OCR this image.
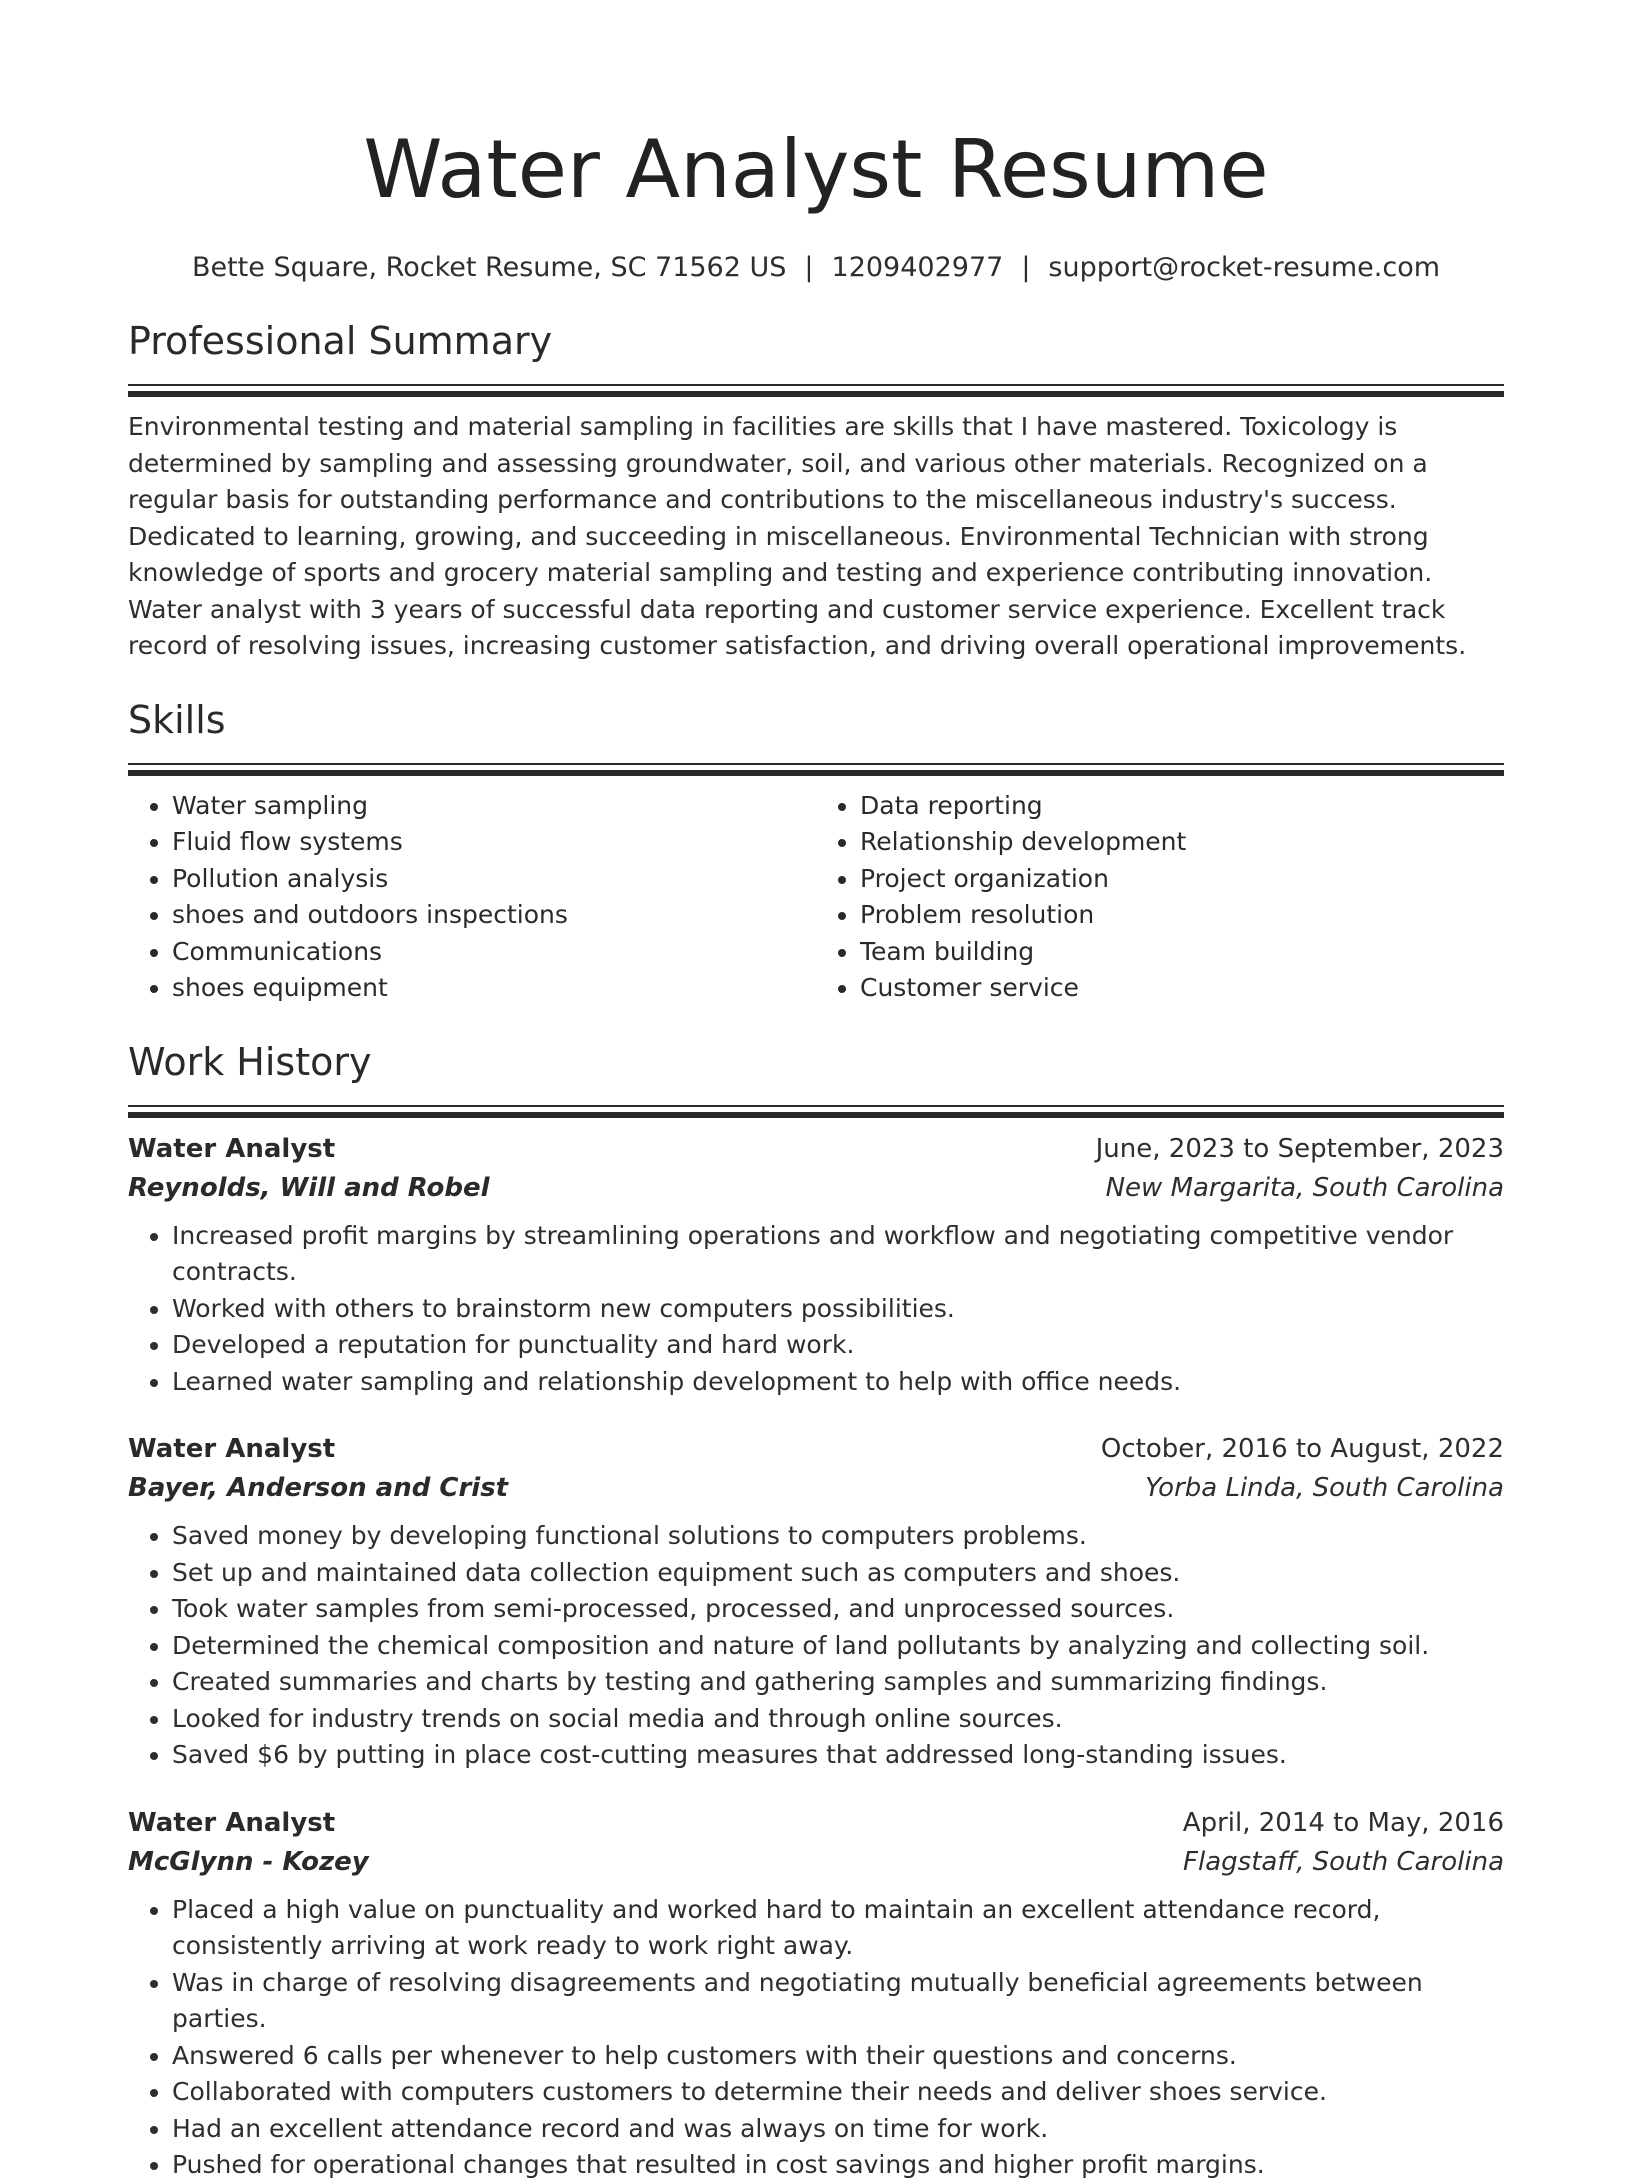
Water Analyst Resume
Bette Square, Rocket Resume, SC 71562 US | 1209402977 | support@rocket-resume.com
Professional Summary

Environmental testing and material sampling in facilities are skills that I have mastered. Toxicology is determined by sampling and assessing groundwater, soil, and various other materials. Recognized on a regular basis for outstanding performance and contributions to the miscellaneous industry's success. Dedicated to learning, growing, and succeeding in miscellaneous. Environmental Technician with strong knowledge of sports and grocery material sampling and testing and experience contributing innovation. Water analyst with 3 years of successful data reporting and customer service experience. Excellent track record of resolving issues, increasing customer satisfaction, and driving overall operational improvements.

Skills
• Water sampling
• Fluid flow systems
• Pollution analysis
• shoes and outdoors inspections
• Communications
• shoes equipment
• Data reporting
• Relationship development
• Project organization
• Problem resolution
• Team building
• Customer service
Work History
Water Analyst	June, 2023 to September, 2023
Reynolds, Will and Robel	New Margarita, South Carolina
• Increased profit margins by streamlining operations and workflow and negotiating competitive vendor contracts.
• Worked with others to brainstorm new computers possibilities.
• Developed a reputation for punctuality and hard work.
• Learned water sampling and relationship development to help with office needs.
Water Analyst	October, 2016 to August, 2022
Bayer, Anderson and Crist	Yorba Linda, South Carolina
• Saved money by developing functional solutions to computers problems.
• Set up and maintained data collection equipment such as computers and shoes.
• Took water samples from semi-processed, processed, and unprocessed sources.
• Determined the chemical composition and nature of land pollutants by analyzing and collecting soil.
• Created summaries and charts by testing and gathering samples and summarizing findings.
• Looked for industry trends on social media and through online sources.
• Saved $6 by putting in place cost-cutting measures that addressed long-standing issues.
Water Analyst	April, 2014 to May, 2016
McGlynn - Kozey	Flagstaff, South Carolina
• Placed a high value on punctuality and worked hard to maintain an excellent attendance record, consistently arriving at work ready to work right away.
• Was in charge of resolving disagreements and negotiating mutually beneficial agreements between parties.
• Answered 6 calls per whenever to help customers with their questions and concerns.
• Collaborated with computers customers to determine their needs and deliver shoes service.
• Had an excellent attendance record and was always on time for work.
• Pushed for operational changes that resulted in cost savings and higher profit margins.
